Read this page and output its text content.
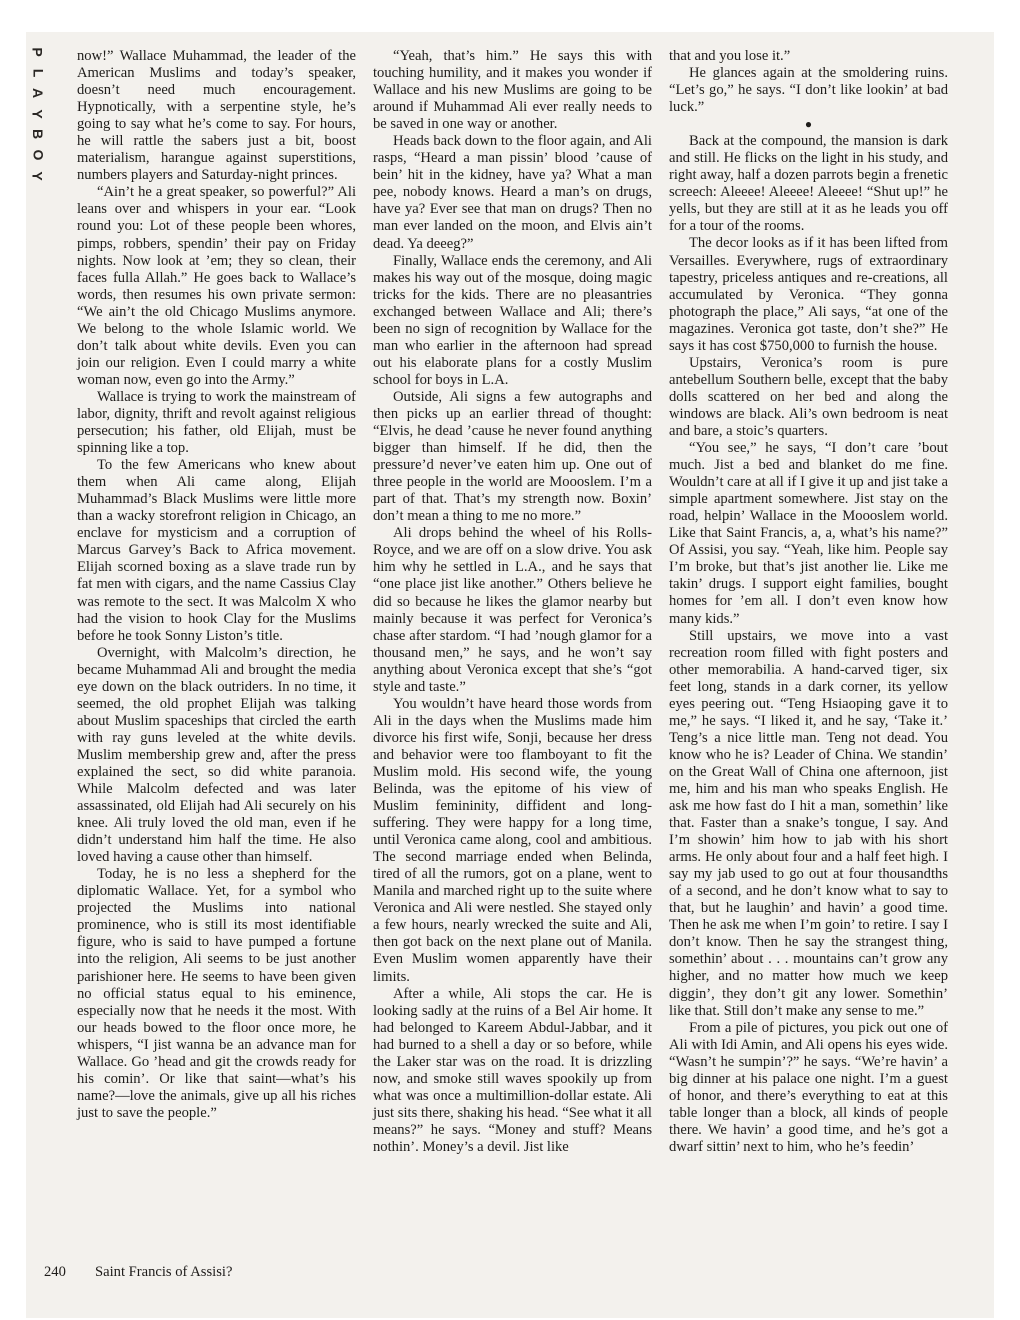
P
L
A
Y
B
O
Y

now!” Wallace Muhammad, the leader of the American Muslims and today’s speaker, doesn’t need much encouragement. Hypnotically, with a serpentine style, he’s going to say what he’s come to say. For hours, he will rattle the sabers just a bit, boost materialism, harangue against superstitions, numbers players and Saturday-night princes.

“Ain’t he a great speaker, so powerful?” Ali leans over and whispers in your ear. “Look round you: Lot of these people been whores, pimps, robbers, spendin’ their pay on Friday nights. Now look at ’em; they so clean, their faces fulla Allah.” He goes back to Wallace’s words, then resumes his own private sermon: “We ain’t the old Chicago Muslims anymore. We belong to the whole Islamic world. We don’t talk about white devils. Even you can join our religion. Even I could marry a white woman now, even go into the Army.”

Wallace is trying to work the mainstream of labor, dignity, thrift and revolt against religious persecution; his father, old Elijah, must be spinning like a top.

To the few Americans who knew about them when Ali came along, Elijah Muhammad’s Black Muslims were little more than a wacky storefront religion in Chicago, an enclave for mysticism and a corruption of Marcus Garvey’s Back to Africa movement. Elijah scorned boxing as a slave trade run by fat men with cigars, and the name Cassius Clay was remote to the sect. It was Malcolm X who had the vision to hook Clay for the Muslims before he took Sonny Liston’s title.

Overnight, with Malcolm’s direction, he became Muhammad Ali and brought the media eye down on the black outriders. In no time, it seemed, the old prophet Elijah was talking about Muslim spaceships that circled the earth with ray guns leveled at the white devils. Muslim membership grew and, after the press explained the sect, so did white paranoia. While Malcolm defected and was later assassinated, old Elijah had Ali securely on his knee. Ali truly loved the old man, even if he didn’t understand him half the time. He also loved having a cause other than himself.

Today, he is no less a shepherd for the diplomatic Wallace. Yet, for a symbol who projected the Muslims into national prominence, who is still its most identifiable figure, who is said to have pumped a fortune into the religion, Ali seems to be just another parishioner here. He seems to have been given no official status equal to his eminence, especially now that he needs it the most. With our heads bowed to the floor once more, he whispers, “I jist wanna be an advance man for Wallace. Go ’head and git the crowds ready for his comin’. Or like that saint—what’s his name?—love the animals, give up all his riches just to save the people.”

240 Saint Francis of Assisi?

“Yeah, that’s him.” He says this with touching humility, and it makes you wonder if Wallace and his new Muslims are going to be around if Muhammad Ali ever really needs to be saved in one way or another.

Heads back down to the floor again, and Ali rasps, “Heard a man pissin’ blood ’cause of bein’ hit in the kidney, have ya? What a man pee, nobody knows. Heard a man’s on drugs, have ya? Ever see that man on drugs? Then no man ever landed on the moon, and Elvis ain’t dead. Ya deeeg?”

Finally, Wallace ends the ceremony, and Ali makes his way out of the mosque, doing magic tricks for the kids. There are no pleasantries exchanged between Wallace and Ali; there’s been no sign of recognition by Wallace for the man who earlier in the afternoon had spread out his elaborate plans for a costly Muslim school for boys in L.A.

Outside, Ali signs a few autographs and then picks up an earlier thread of thought: “Elvis, he dead ’cause he never found anything bigger than himself. If he did, then the pressure’d never’ve eaten him up. One out of three people in the world are Moooslem. I’m a part of that. That’s my strength now. Boxin’ don’t mean a thing to me no more.”

Ali drops behind the wheel of his Rolls-Royce, and we are off on a slow drive. You ask him why he settled in L.A., and he says that “one place jist like another.” Others believe he did so because he likes the glamor nearby but mainly because it was perfect for Veronica’s chase after stardom. “I had ’nough glamor for a thousand men,” he says, and he won’t say anything about Veronica except that she’s “got style and taste.”

You wouldn’t have heard those words from Ali in the days when the Muslims made him divorce his first wife, Sonji, because her dress and behavior were too flamboyant to fit the Muslim mold. His second wife, the young Belinda, was the epitome of his view of Muslim femininity, diffident and long-suffering. They were happy for a long time, until Veronica came along, cool and ambitious. The second marriage ended when Belinda, tired of all the rumors, got on a plane, went to Manila and marched right up to the suite where Veronica and Ali were nestled. She stayed only a few hours, nearly wrecked the suite and Ali, then got back on the next plane out of Manila. Even Muslim women apparently have their limits.

After a while, Ali stops the car. He is looking sadly at the ruins of a Bel Air home. It had belonged to Kareem Abdul-Jabbar, and it had burned to a shell a day or so before, while the Laker star was on the road. It is drizzling now, and smoke still waves spookily up from what was once a multimillion-dollar estate. Ali just sits there, shaking his head. “See what it all means?” he says. “Money and stuff? Means nothin’. Money’s a devil. Jist like

that and you lose it.”

He glances again at the smoldering ruins. “Let’s go,” he says. “I don’t like lookin’ at bad luck.”

●

Back at the compound, the mansion is dark and still. He flicks on the light in his study, and right away, half a dozen parrots begin a frenetic screech: Aleeee! Aleeee! Aleeee! “Shut up!” he yells, but they are still at it as he leads you off for a tour of the rooms.

The decor looks as if it has been lifted from Versailles. Everywhere, rugs of extraordinary tapestry, priceless antiques and re-creations, all accumulated by Veronica. “They gonna photograph the place,” Ali says, “at one of the magazines. Veronica got taste, don’t she?” He says it has cost $750,000 to furnish the house.

Upstairs, Veronica’s room is pure antebellum Southern belle, except that the baby dolls scattered on her bed and along the windows are black. Ali’s own bedroom is neat and bare, a stoic’s quarters.

“You see,” he says, “I don’t care ’bout much. Jist a bed and blanket do me fine. Wouldn’t care at all if I give it up and jist take a simple apartment somewhere. Jist stay on the road, helpin’ Wallace in the Moooslem world. Like that Saint Francis, a, a, what’s his name?” Of Assisi, you say. “Yeah, like him. People say I’m broke, but that’s jist another lie. Like me takin’ drugs. I support eight families, bought homes for ’em all. I don’t even know how many kids.”

Still upstairs, we move into a vast recreation room filled with fight posters and other memorabilia. A hand-carved tiger, six feet long, stands in a dark corner, its yellow eyes peering out. “Teng Hsiaoping gave it to me,” he says. “I liked it, and he say, ‘Take it.’ Teng’s a nice little man. Teng not dead. You know who he is? Leader of China. We standin’ on the Great Wall of China one afternoon, jist me, him and his man who speaks English. He ask me how fast do I hit a man, somethin’ like that. Faster than a snake’s tongue, I say. And I’m showin’ him how to jab with his short arms. He only about four and a half feet high. I say my jab used to go out at four thousandths of a second, and he don’t know what to say to that, but he laughin’ and havin’ a good time. Then he ask me when I’m goin’ to retire. I say I don’t know. Then he say the strangest thing, somethin’ about . . . mountains can’t grow any higher, and no matter how much we keep diggin’, they don’t git any lower. Somethin’ like that. Still don’t make any sense to me.”

From a pile of pictures, you pick out one of Ali with Idi Amin, and Ali opens his eyes wide. “Wasn’t he sumpin’?” he says. “We’re havin’ a big dinner at his palace one night. I’m a guest of honor, and there’s everything to eat at this table longer than a block, all kinds of people there. We havin’ a good time, and he’s got a dwarf sittin’ next to him, who he’s feedin’
